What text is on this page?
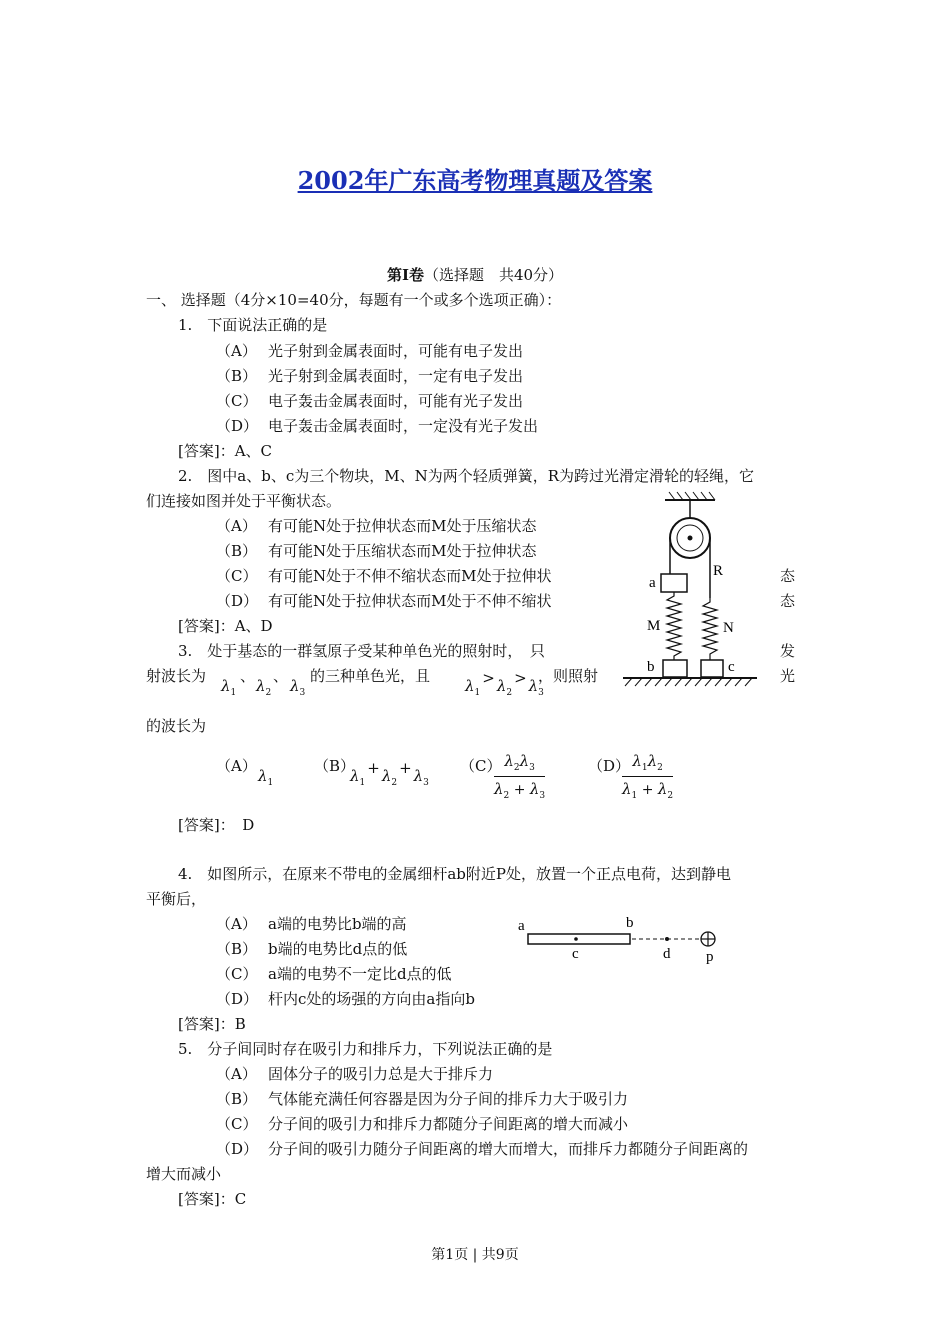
2002年广东高考物理真题及答案
第Ⅰ卷（选择题　共40分）
一、 选择题（4分×10=40分，每题有一个或多个选项正确）：
1.　下面说法正确的是
（A） 光子射到金属表面时，可能有电子发出
（B） 光子射到金属表面时，一定有电子发出
（C） 电子轰击金属表面时，可能有光子发出
（D） 电子轰击金属表面时，一定没有光子发出
[答案]：A、C
2.　图中a、b、c为三个物块，M、N为两个轻质弹簧，R为跨过光滑定滑轮的轻绳，它
们连接如图并处于平衡状态。
（A） 有可能N处于拉伸状态而M处于压缩状态
（B） 有可能N处于压缩状态而M处于拉伸状态
（C） 有可能N处于不伸不缩状态而M处于拉伸状	态
（D） 有可能N处于拉伸状态而M处于不伸不缩状	态
[答案]：A、D
a
R
M	N
b	c
3.　处于基态的一群氢原子受某种单色光的照射时，　只	发
射波长为
$\lambda_1$
、
$\lambda_2$
、
$\lambda_3$
的三种单色光，且
$\lambda_1> \lambda_2> \lambda_3$
，则照射	光
的波长为
（A）
$\lambda_1$
（B）
$\lambda_1+ \lambda_2+ \lambda_3$
（C）
$\frac{\lambda_2\lambda_3}{\lambda_2 + \lambda_3}$	（D）
$\frac{\lambda_1\lambda_2}{\lambda_1 + \lambda_2}$
[答案]：　D
4.　如图所示，在原来不带电的金属细杆ab附近P处，放置一个正点电荷，达到静电
平衡后，
（A） a端的电势比b端的高
（B） b端的电势比d点的低
（C） a端的电势不一定比d点的低
（D） 杆内c处的场强的方向由a指向b
[答案]：B
a	b
c	d p
5.　分子间同时存在吸引力和排斥力，下列说法正确的是
（A） 固体分子的吸引力总是大于排斥力
（B） 气体能充满任何容器是因为分子间的排斥力大于吸引力
（C） 分子间的吸引力和排斥力都随分子间距离的增大而减小
（D） 分子间的吸引力随分子间距离的增大而增大，而排斥力都随分子间距离的
增大而减小
[答案]：C
第1页 | 共9页
